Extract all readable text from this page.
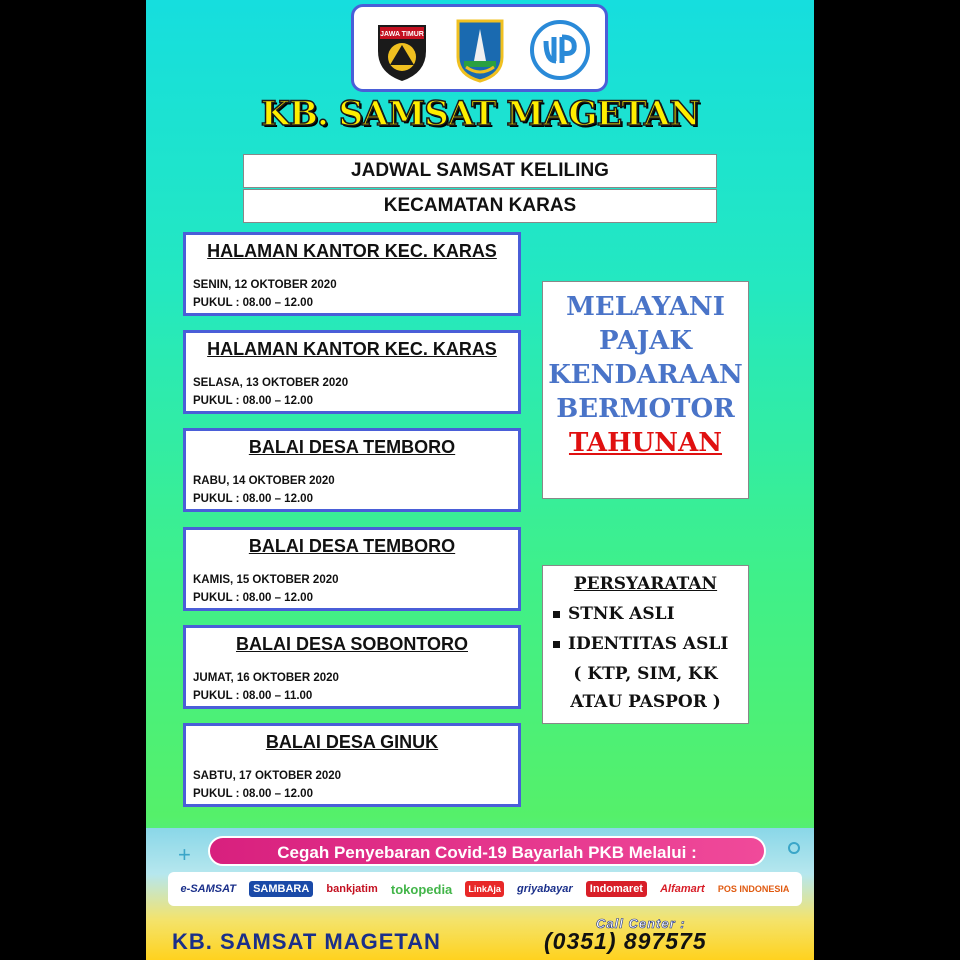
JAWA TIMUR
KB. SAMSAT MAGETAN
JADWAL SAMSAT KELILING
KECAMATAN KARAS
HALAMAN KANTOR KEC. KARAS
SENIN, 12 OKTOBER 2020
PUKUL : 08.00 – 12.00
HALAMAN KANTOR KEC. KARAS
SELASA, 13 OKTOBER 2020
PUKUL : 08.00 – 12.00
BALAI DESA TEMBORO
RABU, 14 OKTOBER 2020
PUKUL : 08.00 – 12.00
BALAI DESA TEMBORO
KAMIS, 15 OKTOBER 2020
PUKUL : 08.00 – 12.00
BALAI DESA SOBONTORO
JUMAT, 16 OKTOBER 2020
PUKUL : 08.00 – 11.00
BALAI DESA GINUK
SABTU, 17 OKTOBER 2020
PUKUL : 08.00 – 12.00
MELAYANI
PAJAK
KENDARAAN
BERMOTOR
TAHUNAN
PERSYARATAN
STNK ASLI
IDENTITAS ASLI
( KTP, SIM, KK
ATAU PASPOR )
+	Cegah Penyebaran Covid-19 Bayarlah PKB Melalui :
e-SAMSAT	SAMBARA	bankjatim tokopedia	LinkAja griyabayar	Indomaret	Alfamart POS INDONESIA
Call Center :
KB. SAMSAT MAGETAN	(0351) 897575
